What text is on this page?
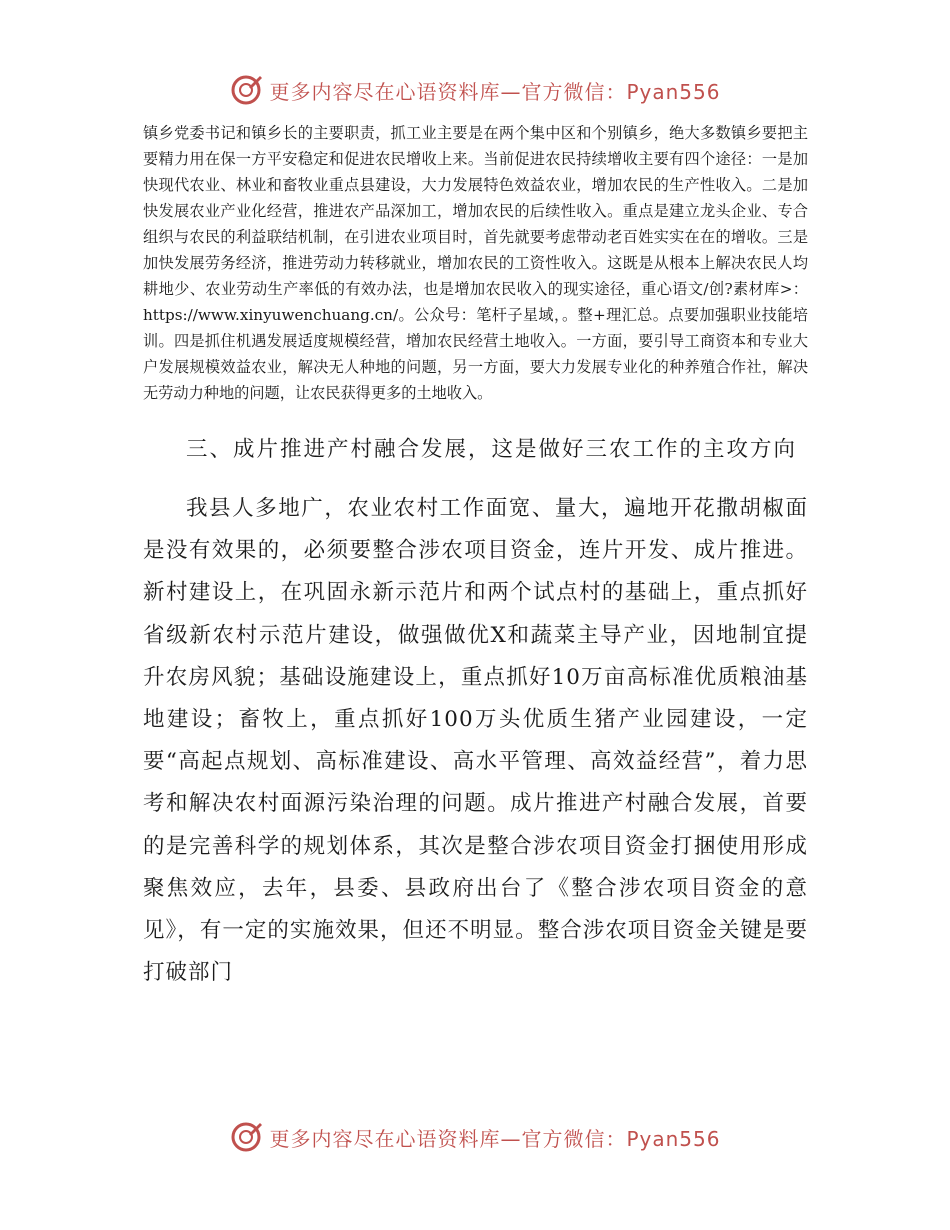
更多内容尽在心语资料库—官方微信：Pyan556

镇乡党委书记和镇乡长的主要职责，抓工业主要是在两个集中区和个别镇乡，绝大多数镇乡要把主要精力用在保一方平安稳定和促进农民增收上来。当前促进农民持续增收主要有四个途径：一是加快现代农业、林业和畜牧业重点县建设，大力发展特色效益农业，增加农民的生产性收入。二是加快发展农业产业化经营，推进农产品深加工，增加农民的后续性收入。重点是建立龙头企业、专合组织与农民的利益联结机制，在引进农业项目时，首先就要考虑带动老百姓实实在在的增收。三是加快发展劳务经济，推进劳动力转移就业，增加农民的工资性收入。这既是从根本上解决农民人均耕地少、农业劳动生产率低的有效办法，也是增加农民收入的现实途径，重心语文/创?素材库>：https://www.xinyuwenchuang.cn/。公众号：笔杆子星域，。整+理汇总。点要加强职业技能培训。四是抓住机遇发展适度规模经营，增加农民经营土地收入。一方面，要引导工商资本和专业大户发展规模效益农业，解决无人种地的问题，另一方面，要大力发展专业化的种养殖合作社，解决无劳动力种地的问题，让农民获得更多的土地收入。

三、成片推进产村融合发展，这是做好三农工作的主攻方向

我县人多地广，农业农村工作面宽、量大，遍地开花撒胡椒面是没有效果的，必须要整合涉农项目资金，连片开发、成片推进。新村建设上，在巩固永新示范片和两个试点村的基础上，重点抓好省级新农村示范片建设，做强做优X和蔬菜主导产业，因地制宜提升农房风貌；基础设施建设上，重点抓好10万亩高标准优质粮油基地建设；畜牧上，重点抓好100万头优质生猪产业园建设，一定要“高起点规划、高标准建设、高水平管理、高效益经营”，着力思考和解决农村面源污染治理的问题。成片推进产村融合发展，首要的是完善科学的规划体系，其次是整合涉农项目资金打捆使用形成聚焦效应，去年，县委、县政府出台了《整合涉农项目资金的意见》，有一定的实施效果，但还不明显。整合涉农项目资金关键是要打破部门

更多内容尽在心语资料库—官方微信：Pyan556
